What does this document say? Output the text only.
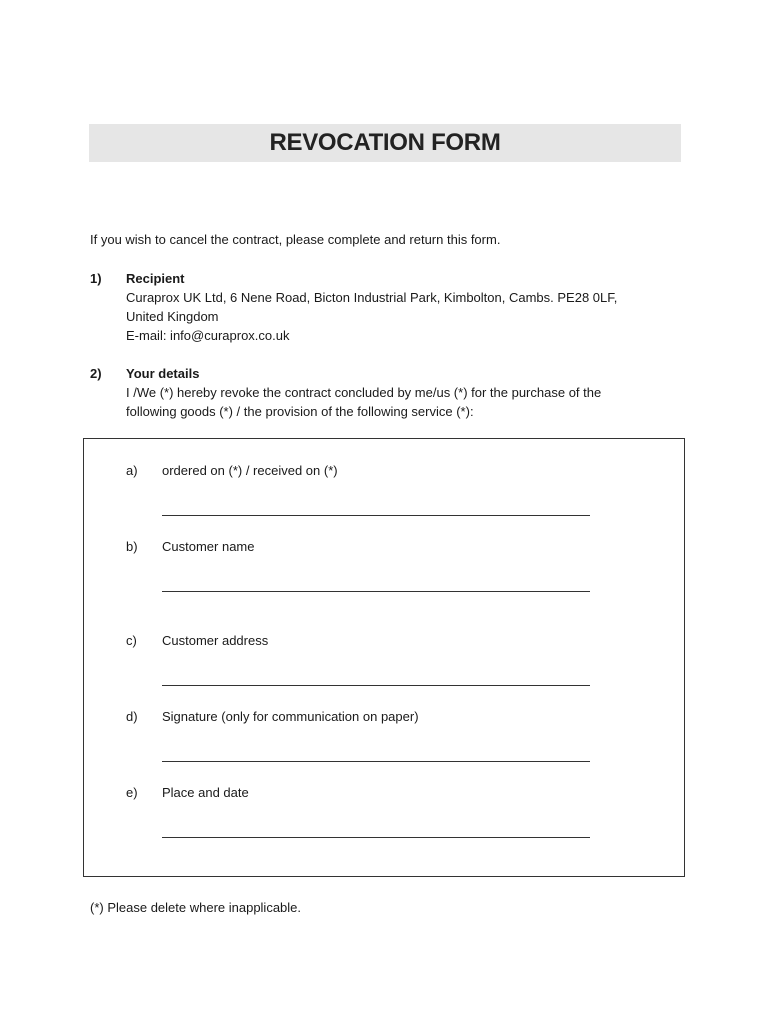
REVOCATION FORM
If you wish to cancel the contract, please complete and return this form.
1) Recipient
Curaprox UK Ltd, 6 Nene Road, Bicton Industrial Park, Kimbolton, Cambs. PE28 0LF,
United Kingdom
E-mail: info@curaprox.co.uk
2) Your details
I /We (*) hereby revoke the contract concluded by me/us (*) for the purchase of the
following goods (*) / the provision of the following service (*):
a) ordered on (*) / received on (*)
b) Customer name
c) Customer address
d) Signature (only for communication on paper)
e) Place and date
(*) Please delete where inapplicable.
